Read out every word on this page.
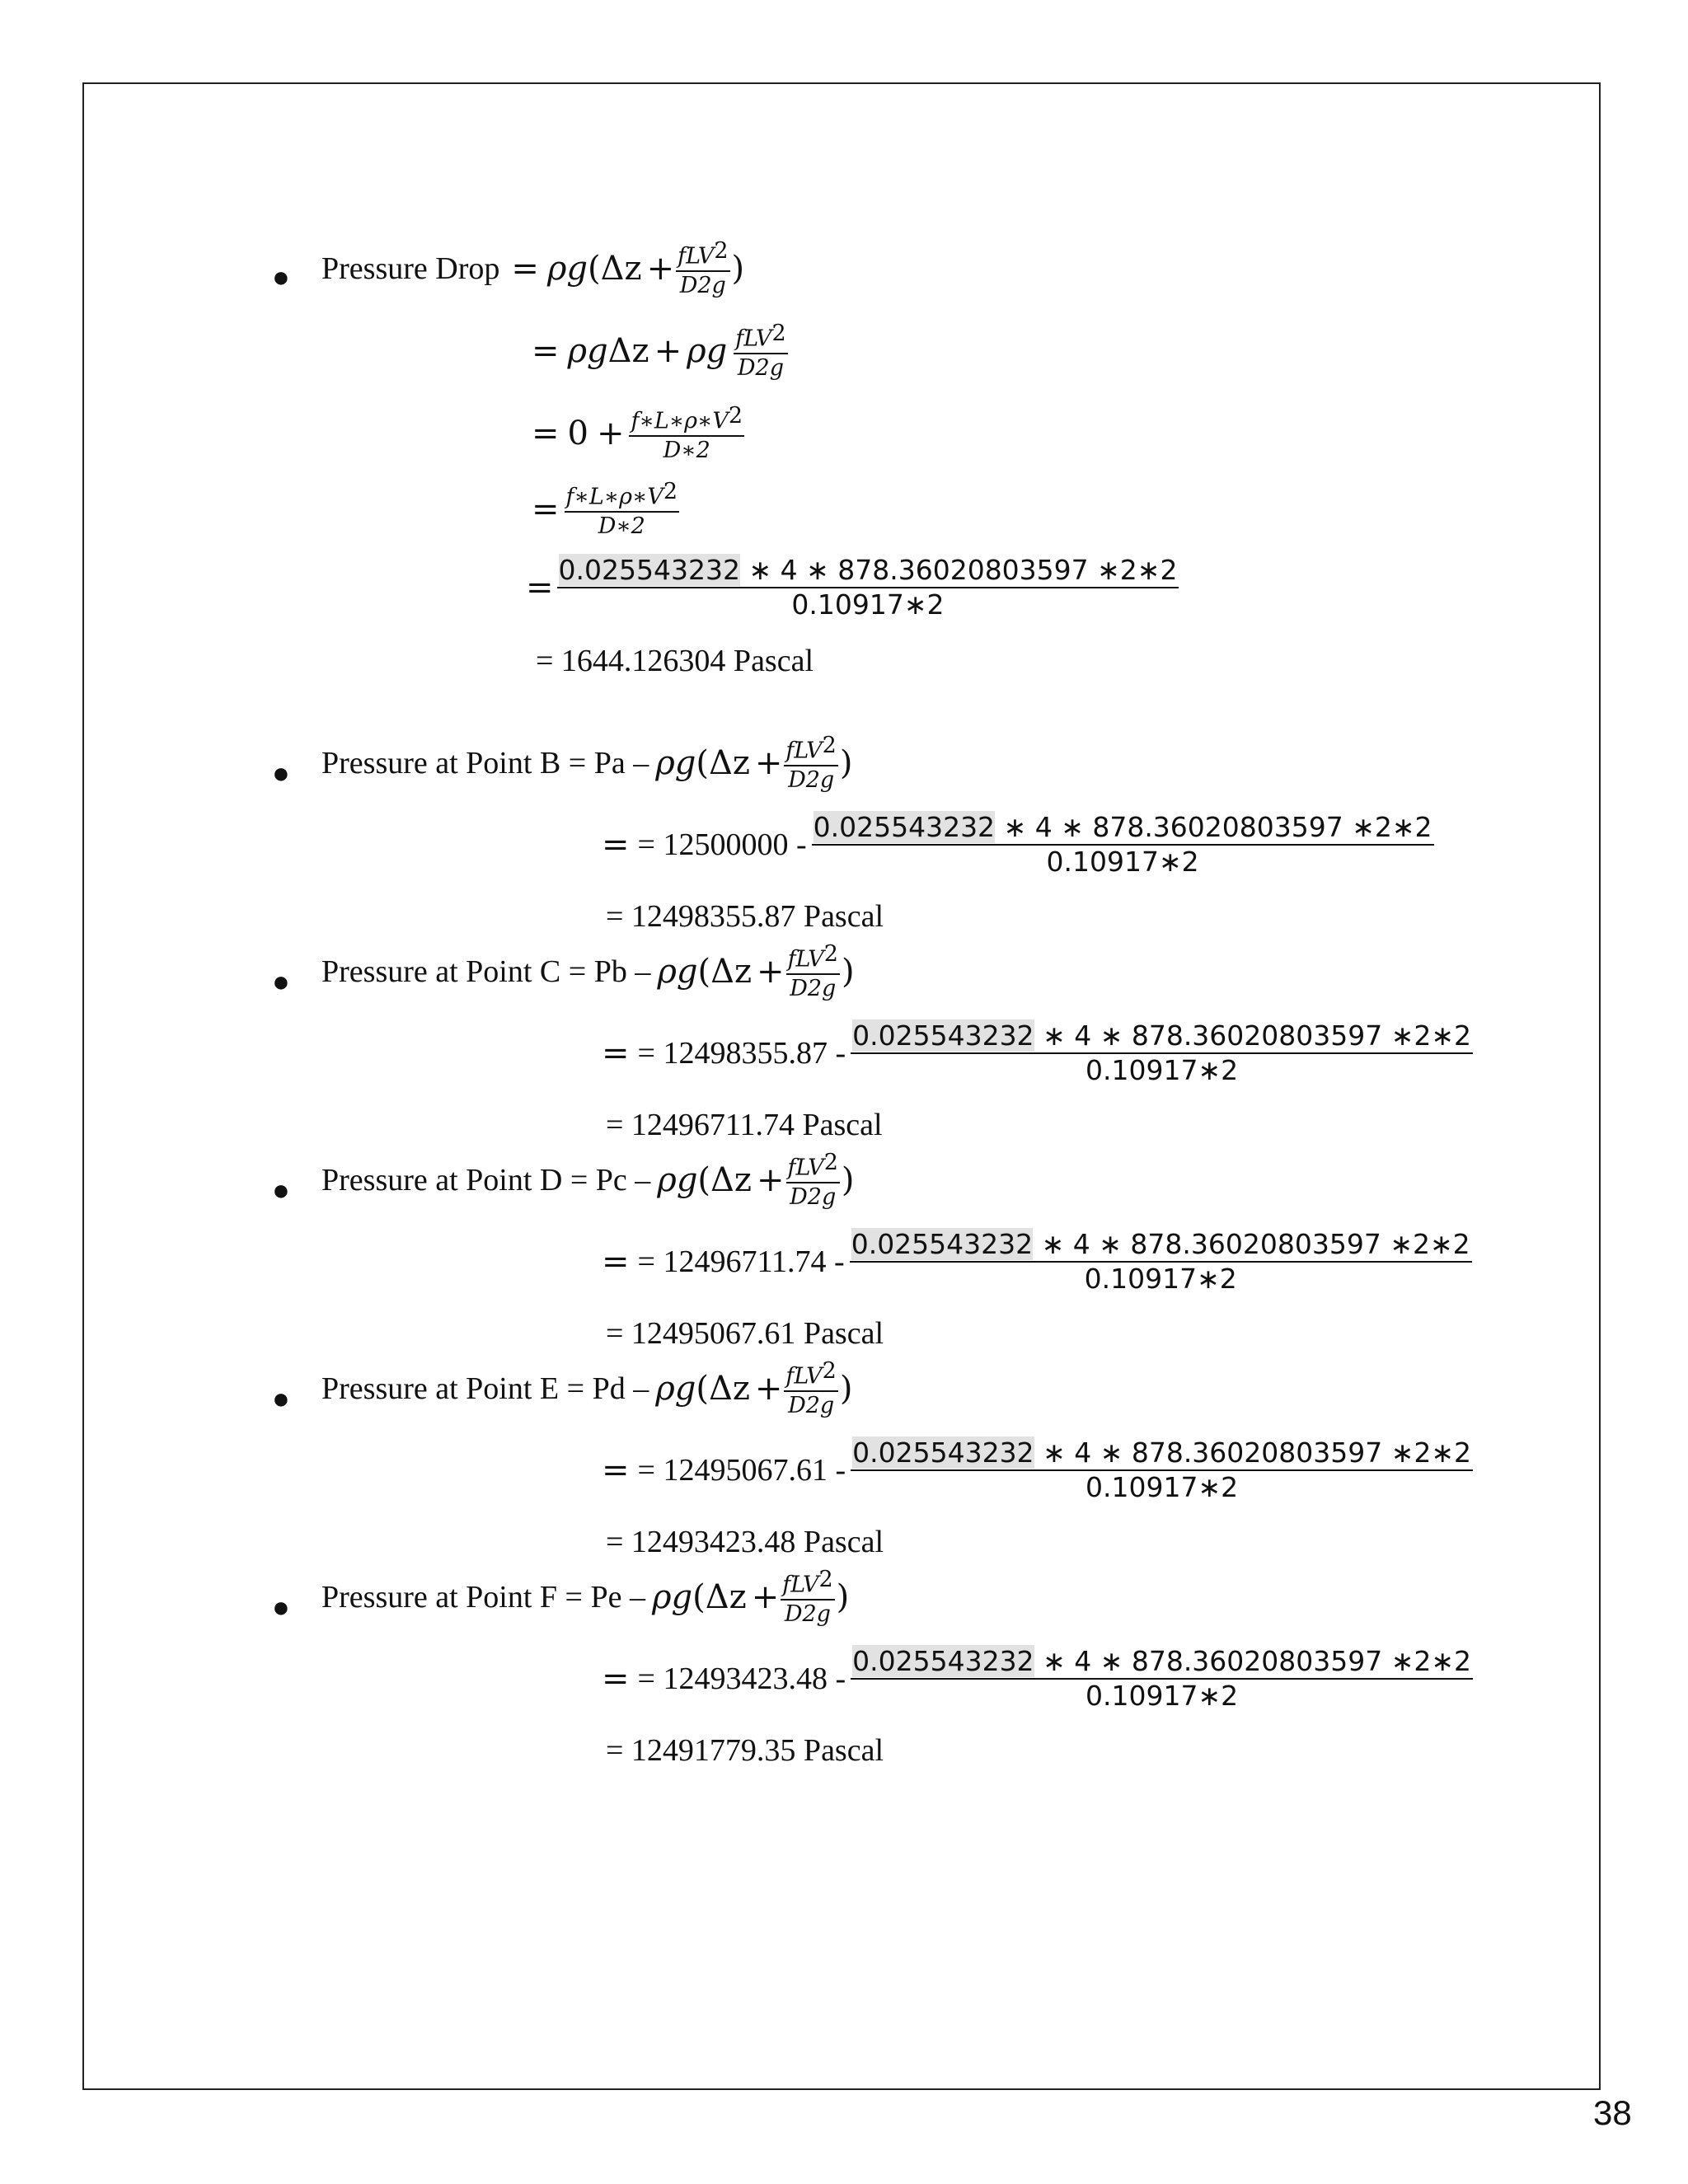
● Pressure Drop = ρg ( $\Delta z + \frac{fLV^2}{D2g}$ )
= ρg Δz + ρg $\frac{fLV^2}{D2g}$
= $0 + \frac{f∗L∗\rho∗V^2}{D∗2}$
= $\frac{f∗L∗\rho∗V^2}{D∗2}$
= $\frac{0.025543232 ∗ 4 ∗ 878.36020803597 ∗2∗2}{0.10917∗2}$
= 1644.126304 Pascal
● Pressure at Point B = Pa – ρg ( $\Delta z + \frac{fLV^2}{D2g}$ )
= = $12500000 - \frac{0.025543232 ∗ 4 ∗ 878.36020803597 ∗2∗2}{0.10917∗2}$
= 12498355.87 Pascal
● Pressure at Point C = Pb – ρg ( $\Delta z + \frac{fLV^2}{D2g}$ )
= = $12498355.87 - \frac{0.025543232 ∗ 4 ∗ 878.36020803597 ∗2∗2}{0.10917∗2}$
= 12496711.74 Pascal
● Pressure at Point D = Pc – ρg ( $\Delta z + \frac{fLV^2}{D2g}$ )
= = $12496711.74 - \frac{0.025543232 ∗ 4 ∗ 878.36020803597 ∗2∗2}{0.10917∗2}$
= 12495067.61 Pascal
● Pressure at Point E = Pd – ρg ( $\Delta z + \frac{fLV^2}{D2g}$ )
= = $12495067.61 - \frac{0.025543232 ∗ 4 ∗ 878.36020803597 ∗2∗2}{0.10917∗2}$
= 12493423.48 Pascal
● Pressure at Point F = Pe – ρg ( $\Delta z + \frac{fLV^2}{D2g}$ )
= = $12493423.48 - \frac{0.025543232 ∗ 4 ∗ 878.36020803597 ∗2∗2}{0.10917∗2}$
= 12491779.35 Pascal
38
